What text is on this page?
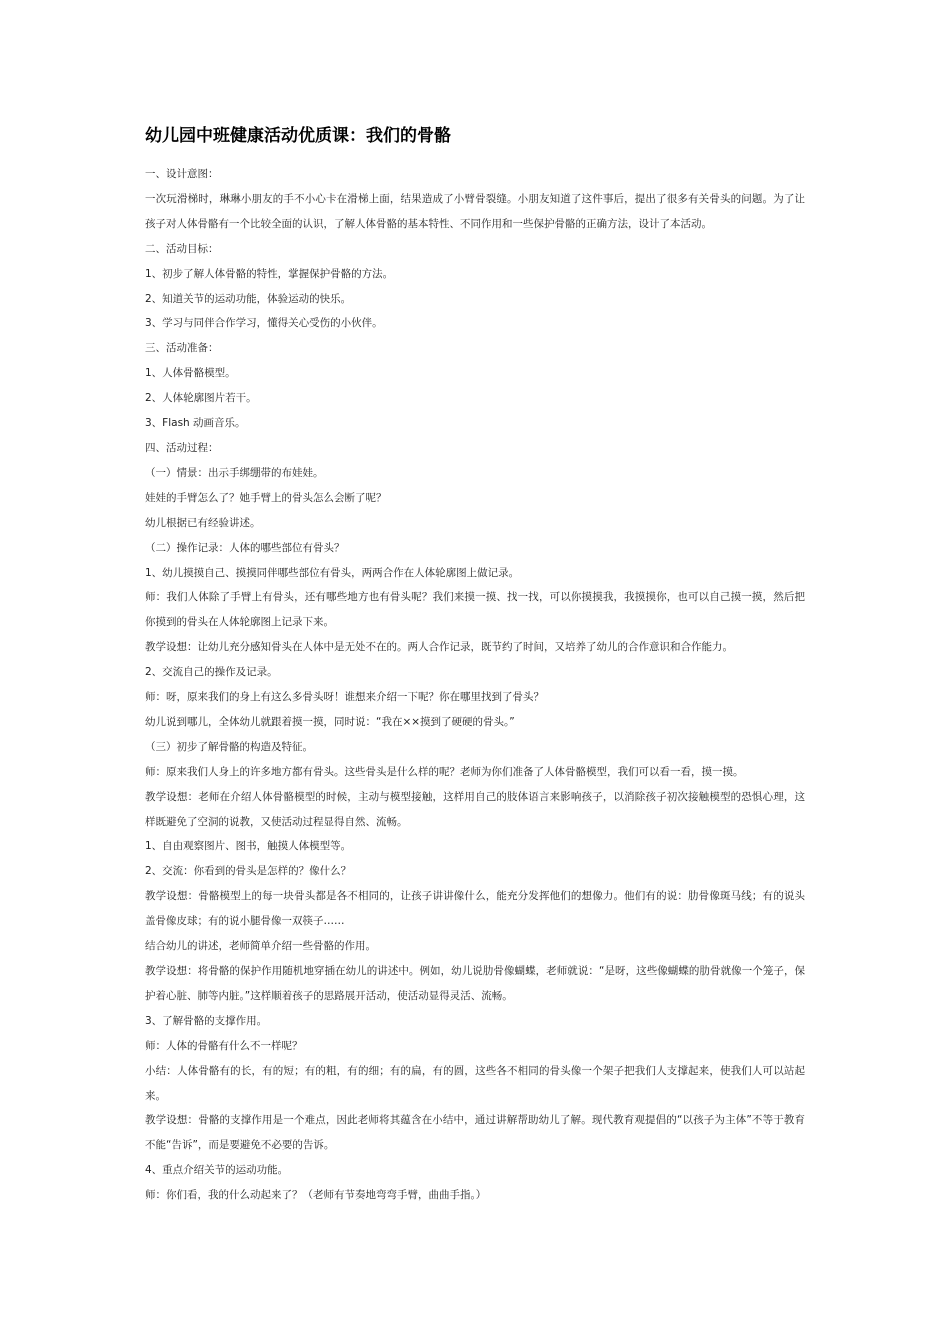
幼儿园中班健康活动优质课：我们的骨骼

一、设计意图：

一次玩滑梯时，琳琳小朋友的手不小心卡在滑梯上面，结果造成了小臂骨裂缝。小朋友知道了这件事后，提出了很多有关骨头的问题。为了让孩子对人体骨骼有一个比较全面的认识，了解人体骨骼的基本特性、不同作用和一些保护骨骼的正确方法，设计了本活动。

二、活动目标：

1、初步了解人体骨骼的特性，掌握保护骨骼的方法。

2、知道关节的运动功能，体验运动的快乐。

3、学习与同伴合作学习，懂得关心受伤的小伙伴。

三、活动准备：

1、人体骨骼模型。

2、人体轮廓图片若干。

3、Flash 动画音乐。

四、活动过程：

（一）情景：出示手绑绷带的布娃娃。

娃娃的手臂怎么了？她手臂上的骨头怎么会断了呢？

幼儿根据已有经验讲述。

（二）操作记录：人体的哪些部位有骨头？

1、幼儿摸摸自己、摸摸同伴哪些部位有骨头，两两合作在人体轮廓图上做记录。

师：我们人体除了手臂上有骨头，还有哪些地方也有骨头呢？我们来摸一摸、找一找，可以你摸摸我，我摸摸你，也可以自己摸一摸，然后把你摸到的骨头在人体轮廓图上记录下来。

教学设想：让幼儿充分感知骨头在人体中是无处不在的。两人合作记录，既节约了时间，又培养了幼儿的合作意识和合作能力。

2、交流自己的操作及记录。

师：呀，原来我们的身上有这么多骨头呀！谁想来介绍一下呢？你在哪里找到了骨头？

幼儿说到哪儿，全体幼儿就跟着摸一摸，同时说：“我在××摸到了硬硬的骨头。”

（三）初步了解骨骼的构造及特征。

师：原来我们人身上的许多地方都有骨头。这些骨头是什么样的呢？老师为你们准备了人体骨骼模型，我们可以看一看，摸一摸。

教学设想：老师在介绍人体骨骼模型的时候，主动与模型接触，这样用自己的肢体语言来影响孩子，以消除孩子初次接触模型的恐惧心理，这样既避免了空洞的说教，又使活动过程显得自然、流畅。

1、自由观察图片、图书，触摸人体模型等。

2、交流：你看到的骨头是怎样的？像什么？

教学设想：骨骼模型上的每一块骨头都是各不相同的，让孩子讲讲像什么，能充分发挥他们的想像力。他们有的说：肋骨像斑马线；有的说头盖骨像皮球；有的说小腿骨像一双筷子……

结合幼儿的讲述，老师简单介绍一些骨骼的作用。

教学设想：将骨骼的保护作用随机地穿插在幼儿的讲述中。例如，幼儿说肋骨像蝴蝶，老师就说：“是呀，这些像蝴蝶的肋骨就像一个笼子，保护着心脏、肺等内脏。”这样顺着孩子的思路展开活动，使活动显得灵活、流畅。

3、了解骨骼的支撑作用。

师：人体的骨骼有什么不一样呢？

小结：人体骨骼有的长，有的短；有的粗，有的细；有的扁，有的圆，这些各不相同的骨头像一个架子把我们人支撑起来，使我们人可以站起来。

教学设想：骨骼的支撑作用是一个难点，因此老师将其蕴含在小结中，通过讲解帮助幼儿了解。现代教育观提倡的“以孩子为主体”不等于教育不能“告诉”，而是要避免不必要的告诉。

4、重点介绍关节的运动功能。

师：你们看，我的什么动起来了？（老师有节奏地弯弯手臂，曲曲手指。）
